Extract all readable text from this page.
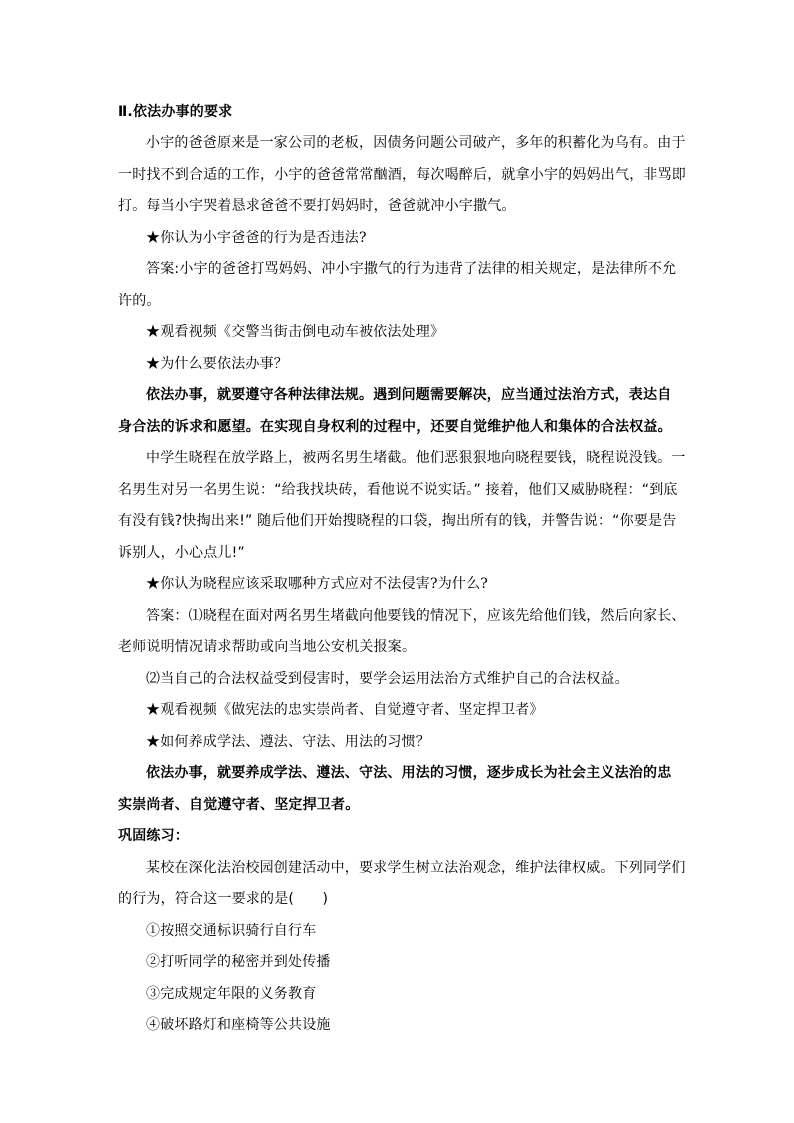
Ⅱ.依法办事的要求
小宇的爸爸原来是一家公司的老板，因债务问题公司破产，多年的积蓄化为乌有。由于
一时找不到合适的工作，小宇的爸爸常常酗酒，每次喝醉后，就拿小宇的妈妈出气，非骂即
打。每当小宇哭着恳求爸爸不要打妈妈时，爸爸就冲小宇撒气。
★你认为小宇爸爸的行为是否违法?
答案:小宇的爸爸打骂妈妈、冲小宇撒气的行为违背了法律的相关规定，是法律所不允
许的。
★观看视频《交警当街击倒电动车被依法处理》
★为什么要依法办事？
依法办事，就要遵守各种法律法规。遇到问题需要解决，应当通过法治方式，表达自
身合法的诉求和愿望。在实现自身权利的过程中，还要自觉维护他人和集体的合法权益。
中学生晓程在放学路上，被两名男生堵截。他们恶狠狠地向晓程要钱，晓程说没钱。一
名男生对另一名男生说：“给我找块砖，看他说不说实话。” 接着，他们又威胁晓程：“到底
有没有钱?快掏出来!” 随后他们开始搜晓程的口袋，掏出所有的钱，并警告说：“你要是告
诉别人，小心点儿!”
★你认为晓程应该采取哪种方式应对不法侵害?为什么?
答案：⑴晓程在面对两名男生堵截向他要钱的情况下，应该先给他们钱，然后向家长、
老师说明情况请求帮助或向当地公安机关报案。
⑵当自己的合法权益受到侵害时，要学会运用法治方式维护自己的合法权益。
★观看视频《做宪法的忠实崇尚者、自觉遵守者、坚定捍卫者》
★如何养成学法、遵法、守法、用法的习惯？
依法办事，就要养成学法、遵法、守法、用法的习惯，逐步成长为社会主义法治的忠
实崇尚者、自觉遵守者、坚定捍卫者。
巩固练习：
某校在深化法治校园创建活动中，要求学生树立法治观念，维护法律权威。下列同学们
的行为，符合这一要求的是(　　)
①按照交通标识骑行自行车
②打听同学的秘密并到处传播
③完成规定年限的义务教育
④破坏路灯和座椅等公共设施
